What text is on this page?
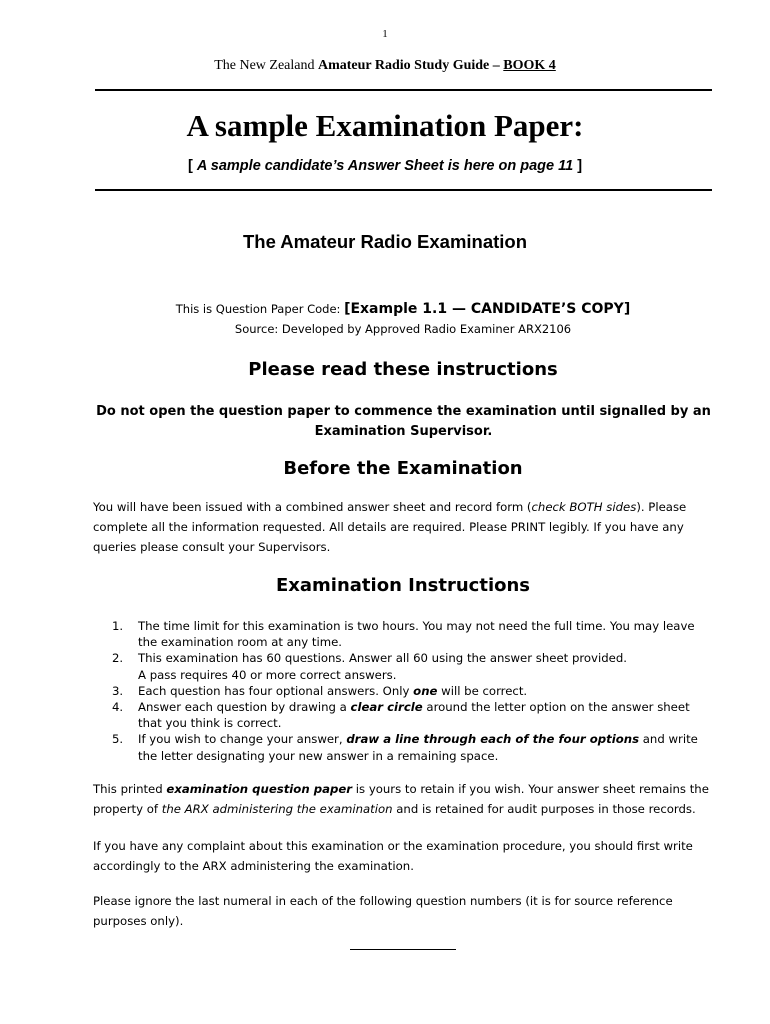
1
The New Zealand Amateur Radio Study Guide – BOOK 4
A sample Examination Paper:
[ A sample candidate’s Answer Sheet is here on page 11 ]
The Amateur Radio Examination
This is Question Paper Code: [Example 1.1 — CANDIDATE’S COPY]
Source: Developed by Approved Radio Examiner ARX2106
Please read these instructions
Do not open the question paper to commence the examination until signalled by an Examination Supervisor.
Before the Examination
You will have been issued with a combined answer sheet and record form (check BOTH sides). Please complete all the information requested. All details are required. Please PRINT legibly. If you have any queries please consult your Supervisors.
Examination Instructions
1. The time limit for this examination is two hours. You may not need the full time. You may leave the examination room at any time.
2. This examination has 60 questions. Answer all 60 using the answer sheet provided.
A pass requires 40 or more correct answers.
3. Each question has four optional answers. Only one will be correct.
4. Answer each question by drawing a clear circle around the letter option on the answer sheet that you think is correct.
5. If you wish to change your answer, draw a line through each of the four options and write the letter designating your new answer in a remaining space.
This printed examination question paper is yours to retain if you wish. Your answer sheet remains the property of the ARX administering the examination and is retained for audit purposes in those records.
If you have any complaint about this examination or the examination procedure, you should first write accordingly to the ARX administering the examination.
Please ignore the last numeral in each of the following question numbers (it is for source reference purposes only).
